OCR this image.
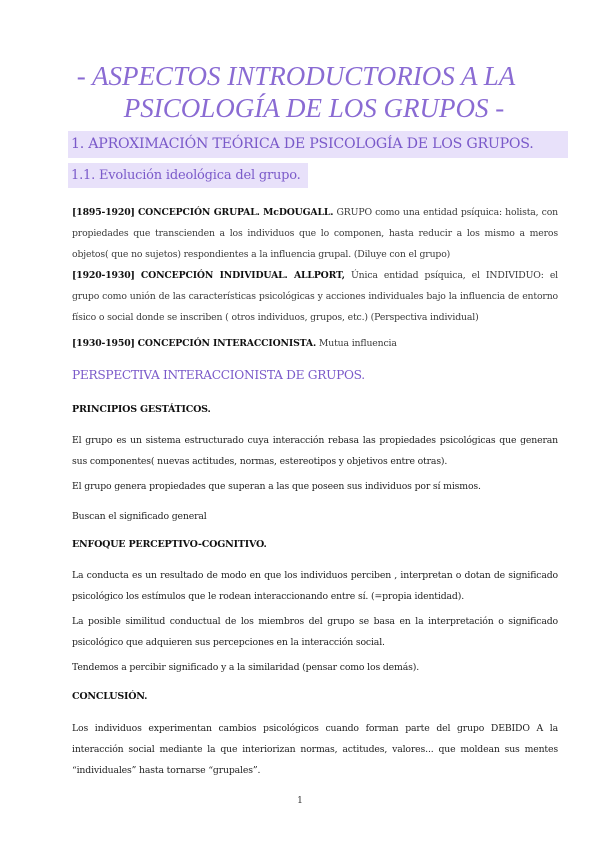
- ASPECTOS INTRODUCTORIOS A LA
PSICOLOGÍA DE LOS GRUPOS -
1. APROXIMACIÓN TEÓRICA DE PSICOLOGÍA DE LOS GRUPOS.
1.1. Evolución ideológica del grupo.
[1895-1920] CONCEPCIÓN GRUPAL. McDOUGALL. GRUPO como una entidad psíquica: holista, con propiedades que transcienden a los individuos que lo componen, hasta reducir a los mismo a meros objetos( que no sujetos) respondientes a la influencia grupal. (Diluye con el grupo)
[1920-1930] CONCEPCIÓN INDIVIDUAL. ALLPORT, Única entidad psíquica, el INDIVIDUO: el grupo como unión de las características psicológicas y acciones individuales bajo la influencia de entorno físico o social donde se inscriben ( otros individuos, grupos, etc.) (Perspectiva individual)
[1930-1950] CONCEPCIÓN INTERACCIONISTA. Mutua influencia
PERSPECTIVA INTERACCIONISTA DE GRUPOS.
PRINCIPIOS GESTÁTICOS.
El grupo es un sistema estructurado cuya interacción rebasa las propiedades psicológicas que generan sus componentes( nuevas actitudes, normas, estereotipos y objetivos entre otras).
El grupo genera propiedades que superan a las que poseen sus individuos por sí mismos.
Buscan el significado general
ENFOQUE PERCEPTIVO-COGNITIVO.
La conducta es un resultado de modo en que los individuos perciben , interpretan o dotan de significado psicológico los estímulos que le rodean interaccionando entre sí. (=propia identidad).
La posible similitud conductual de los miembros del grupo se basa en la interpretación o significado psicológico que adquieren sus percepciones en la interacción social.
Tendemos a percibir significado y a la similaridad (pensar como los demás).
CONCLUSIÓN.
Los individuos experimentan cambios psicológicos cuando forman parte del grupo DEBIDO A la interacción social mediante la que interiorizan normas, actitudes, valores... que moldean sus mentes “individuales” hasta tornarse “grupales”.
1
